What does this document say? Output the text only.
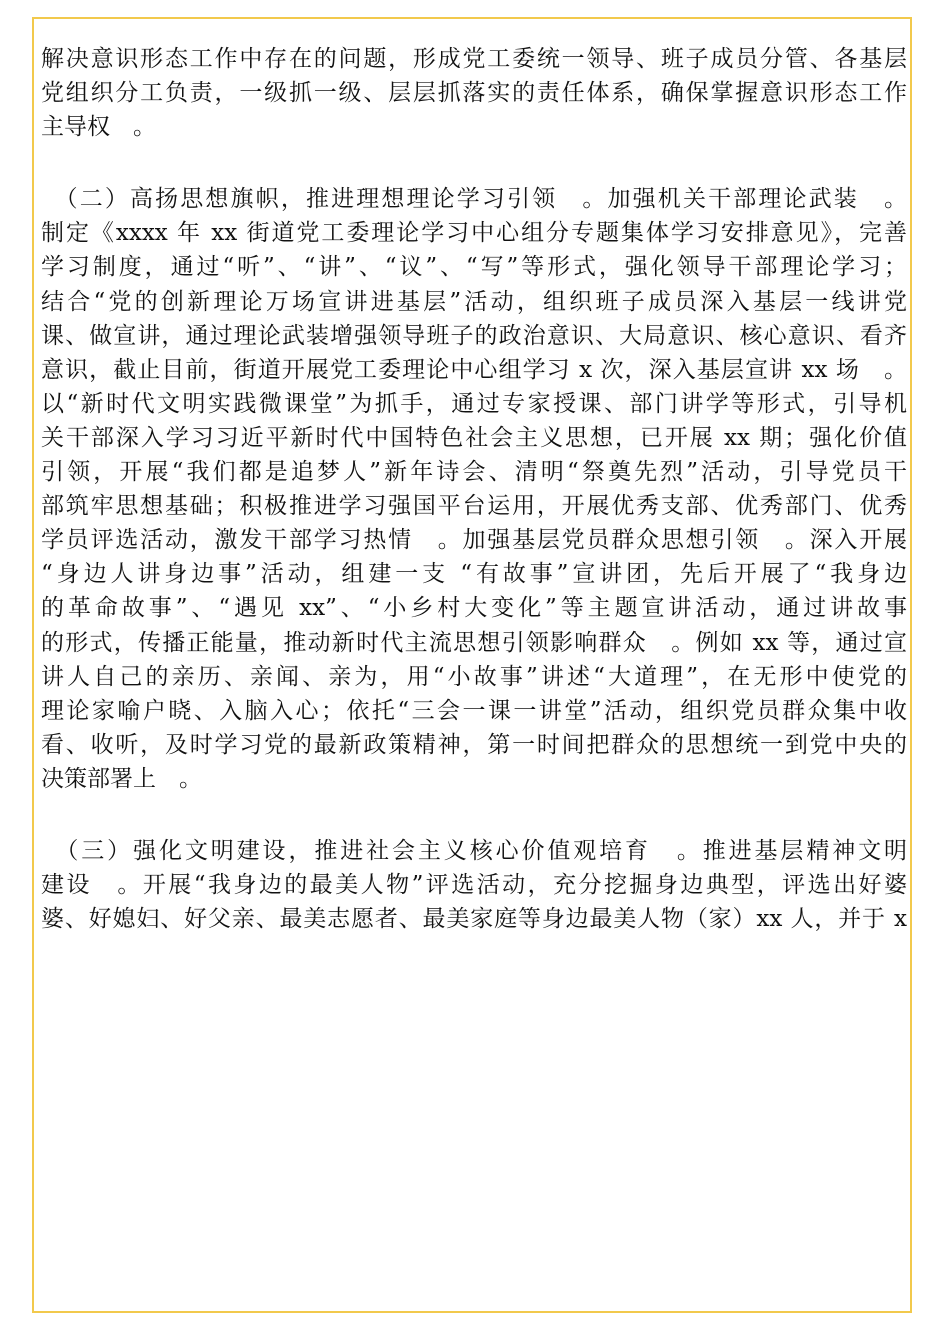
解决意识形态工作中存在的问题，形成党工委统一领导、班子成员分管、各基层
党组织分工负责，一级抓一级、层层抓落实的责任体系，确保掌握意识形态工作
主导权　。
　（二）高扬思想旗帜，推进理想理论学习引领　。加强机关干部理论武装　。
制定《xxxx 年 xx 街道党工委理论学习中心组分专题集体学习安排意见》，完善
学习制度，通过“听”、“讲”、“议”、“写”等形式，强化领导干部理论学习；
结合“党的创新理论万场宣讲进基层”活动，组织班子成员深入基层一线讲党
课、做宣讲，通过理论武装增强领导班子的政治意识、大局意识、核心意识、看齐
意识，截止目前，街道开展党工委理论中心组学习 x 次，深入基层宣讲 xx 场　。
以“新时代文明实践微课堂”为抓手，通过专家授课、部门讲学等形式，引导机
关干部深入学习习近平新时代中国特色社会主义思想，已开展 xx 期；强化价值
引领，开展“我们都是追梦人”新年诗会、清明“祭奠先烈”活动，引导党员干
部筑牢思想基础；积极推进学习强国平台运用，开展优秀支部、优秀部门、优秀
学员评选活动，激发干部学习热情　。加强基层党员群众思想引领　。深入开展
“身边人讲身边事”活动，组建一支 “有故事”宣讲团，先后开展了“我身边
的革命故事”、“遇见 xx”、“小乡村大变化”等主题宣讲活动，通过讲故事
的形式，传播正能量，推动新时代主流思想引领影响群众　。例如 xx 等，通过宣
讲人自己的亲历、亲闻、亲为，用“小故事”讲述“大道理”，在无形中使党的
理论家喻户晓、入脑入心；依托“三会一课一讲堂”活动，组织党员群众集中收
看、收听，及时学习党的最新政策精神，第一时间把群众的思想统一到党中央的
决策部署上　。
　（三）强化文明建设，推进社会主义核心价值观培育　。推进基层精神文明
建设　。开展“我身边的最美人物”评选活动，充分挖掘身边典型，评选出好婆
婆、好媳妇、好父亲、最美志愿者、最美家庭等身边最美人物（家）xx 人，并于 x
